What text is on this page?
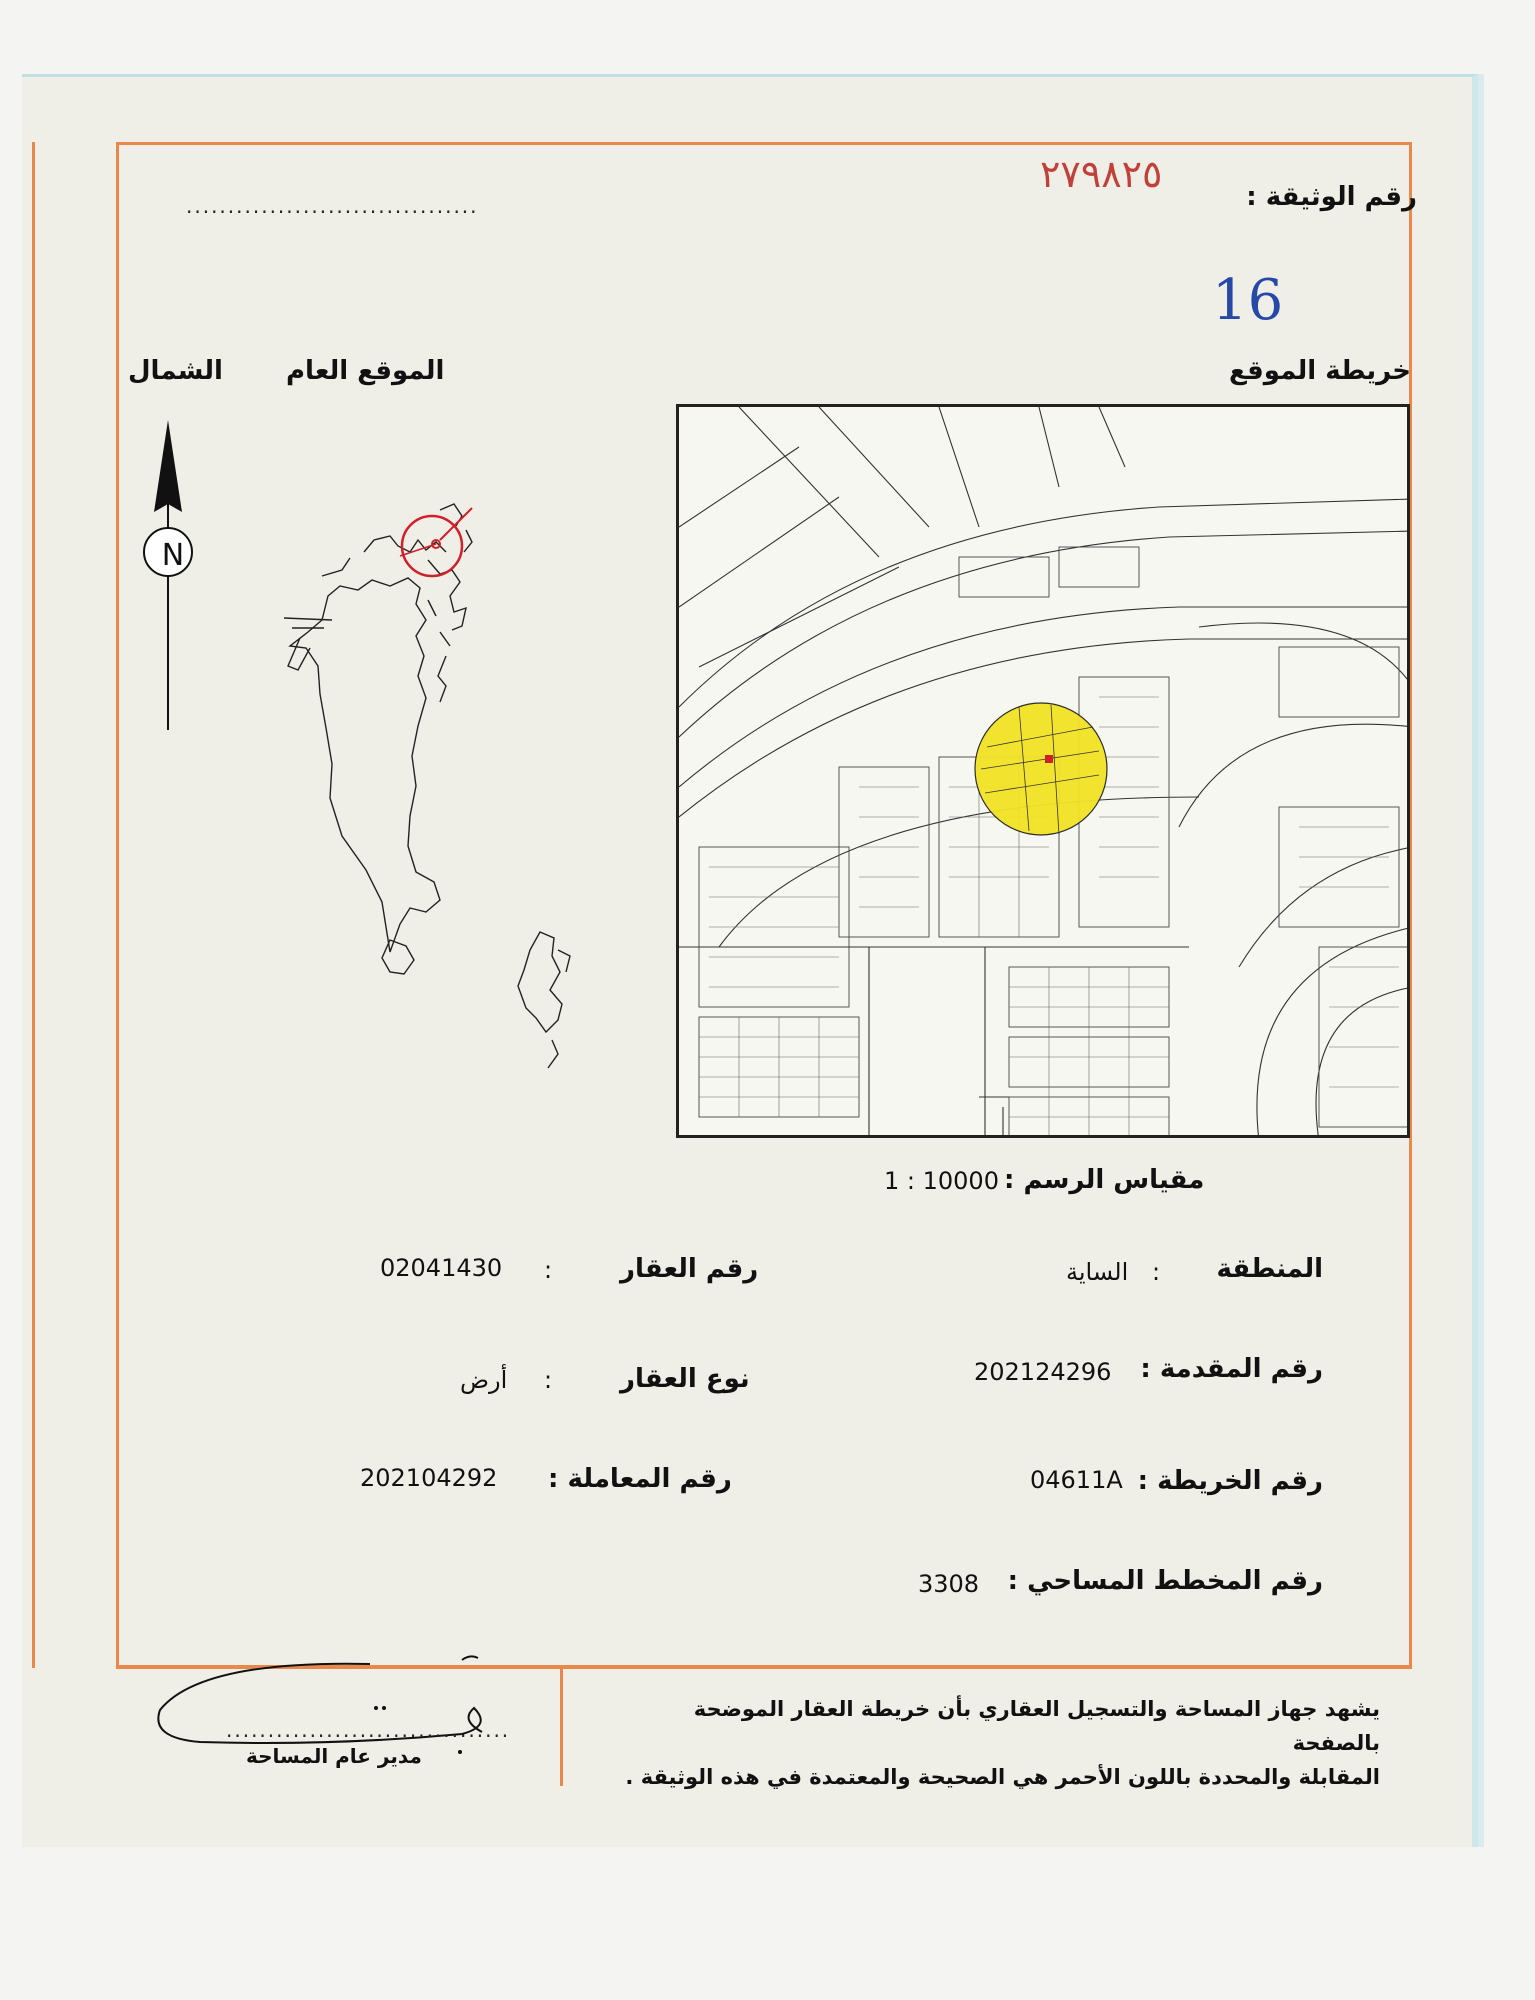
رقم الوثيقة :
...................................
٢٧٩٨٢٥
16
خريطة الموقع
الموقع العام
الشمال
N
مقياس الرسم :
1 : 10000
المنطقة
:
الساية
رقم المقدمة :
202124296
رقم الخريطة :
04611A
رقم المخطط المساحي :
3308
رقم العقار
:
02041430
نوع العقار
:
أرض
رقم المعاملة :
202104292
يشهد جهاز المساحة والتسجيل العقاري بأن خريطة العقار الموضحة بالصفحة
المقابلة والمحددة باللون الأحمر هي الصحيحة والمعتمدة في هذه الوثيقة .
..................................
مدير عام المساحة
